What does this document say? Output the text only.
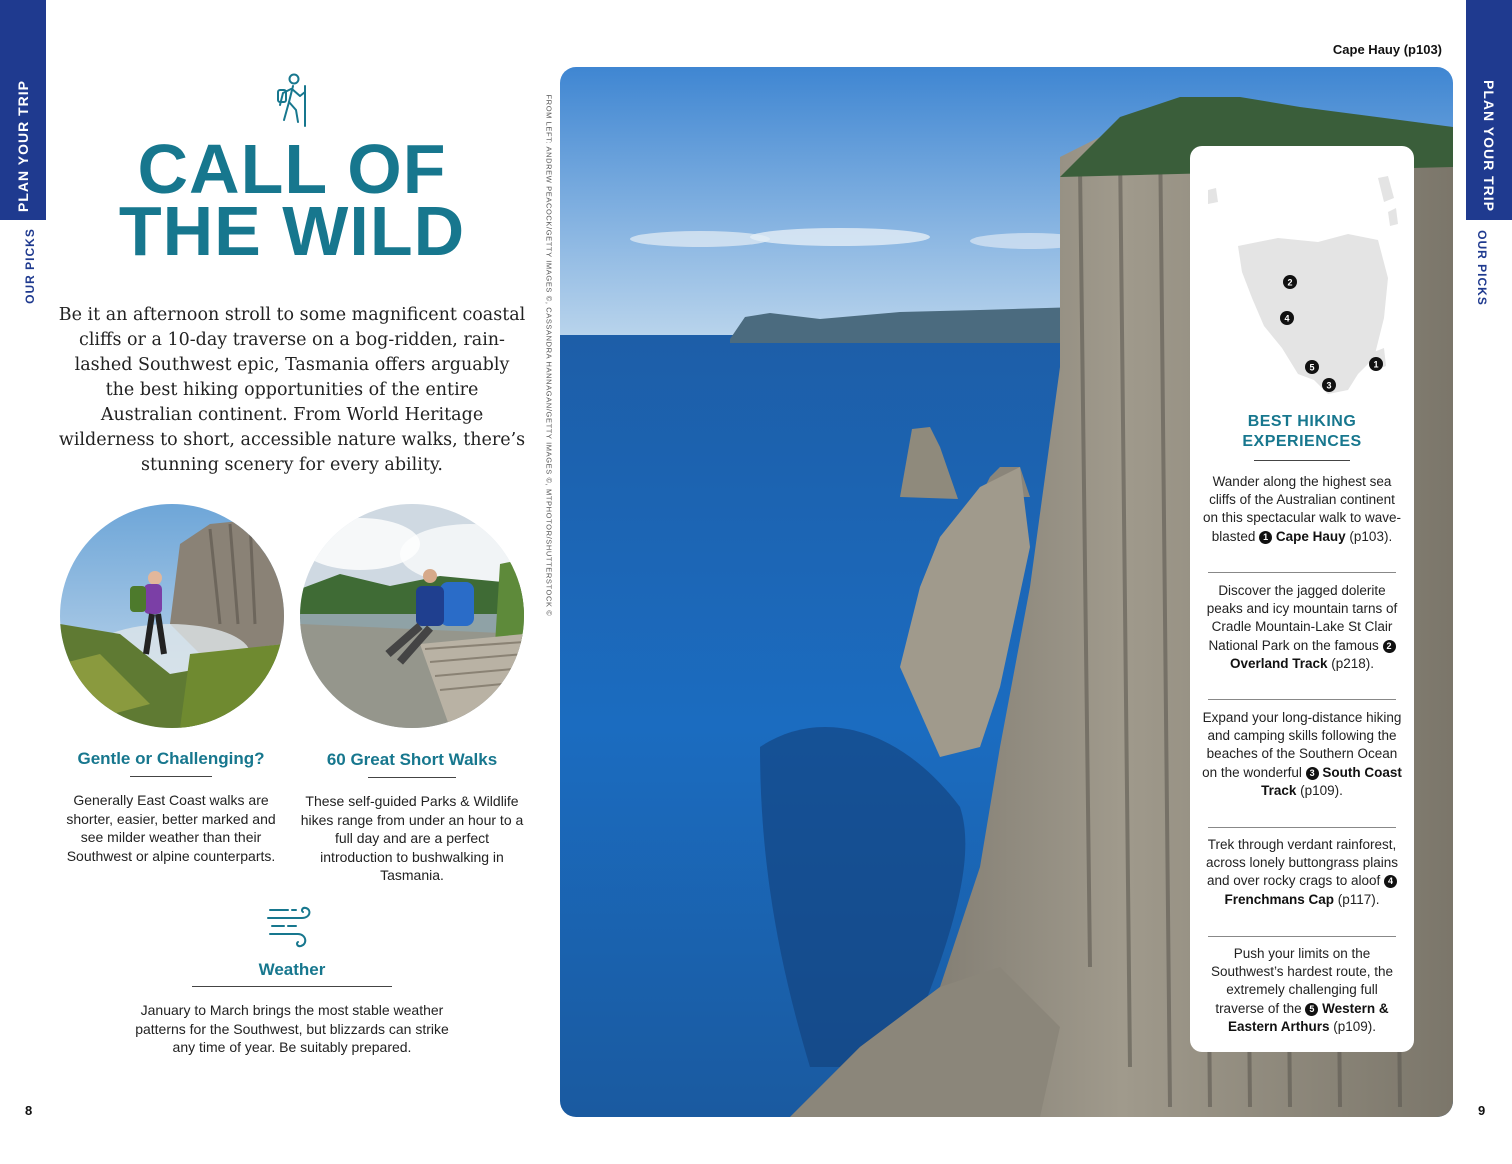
PLAN YOUR TRIP
OUR PICKS
PLAN YOUR TRIP
OUR PICKS
CALL OF
THE WILD
Be it an afternoon stroll to some magnificent coastal cliffs or a 10-day traverse on a bog-ridden, rain-lashed Southwest epic, Tasmania offers arguably the best hiking opportunities of the entire Australian continent. From World Heritage wilderness to short, accessible nature walks, there’s stunning scenery for every ability.
Gentle or Challenging?
Generally East Coast walks are shorter, easier, better marked and see milder weather than their Southwest or alpine counterparts.
60 Great Short Walks
These self-guided Parks & Wildlife hikes range from under an hour to a full day and are a perfect introduction to bushwalking in Tasmania.
Weather
January to March brings the most stable weather patterns for the Southwest, but blizzards can strike any time of year. Be suitably prepared.
FROM LEFT: ANDREW PEACOCK/GETTY IMAGES ©, CASSANDRA HANNAGAN/GETTY IMAGES ©, MTPHOTOR/SHUTTERSTOCK ©
Cape Hauy (p103)
2
4
5
3
1
BEST HIKING
EXPERIENCES
Wander along the highest sea cliffs of the Australian continent on this spectacular walk to wave-blasted 1 Cape Hauy (p103).
Discover the jagged dolerite peaks and icy mountain tarns of Cradle Mountain-Lake St Clair National Park on the famous 2 Overland Track (p218).
Expand your long-distance hiking and camping skills following the beaches of the Southern Ocean on the wonderful 3 South Coast Track (p109).
Trek through verdant rainforest, across lonely buttongrass plains and over rocky crags to aloof 4 Frenchmans Cap (p117).
Push your limits on the Southwest’s hardest route, the extremely challenging full traverse of the 5 Western & Eastern Arthurs (p109).
8	9
